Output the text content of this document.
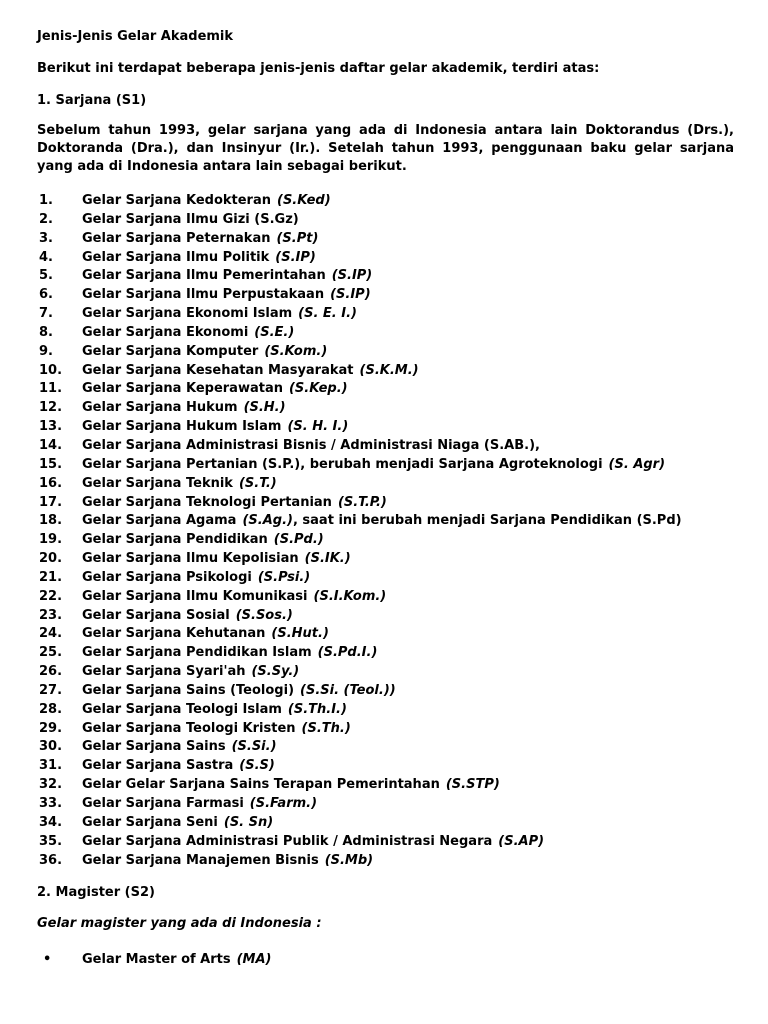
Jenis-Jenis Gelar Akademik

Berikut ini terdapat beberapa jenis-jenis daftar gelar akademik, terdiri atas:

1. Sarjana (S1)

Sebelum tahun 1993, gelar sarjana yang ada di Indonesia antara lain Doktorandus (Drs.), Doktoranda (Dra.), dan Insinyur (Ir.). Setelah tahun 1993, penggunaan baku gelar sarjana yang ada di Indonesia antara lain sebagai berikut.

1.	Gelar Sarjana Kedokteran (S.Ked)
2.	Gelar Sarjana Ilmu Gizi (S.Gz)
3.	Gelar Sarjana Peternakan (S.Pt)
4.	Gelar Sarjana Ilmu Politik (S.IP)
5.	Gelar Sarjana Ilmu Pemerintahan (S.IP)
6.	Gelar Sarjana Ilmu Perpustakaan (S.IP)
7.	Gelar Sarjana Ekonomi Islam (S. E. I.)
8.	Gelar Sarjana Ekonomi (S.E.)
9.	Gelar Sarjana Komputer (S.Kom.)
10.	Gelar Sarjana Kesehatan Masyarakat (S.K.M.)
11.	Gelar Sarjana Keperawatan (S.Kep.)
12.	Gelar Sarjana Hukum (S.H.)
13.	Gelar Sarjana Hukum Islam (S. H. I.)
14.	Gelar Sarjana Administrasi Bisnis / Administrasi Niaga (S.AB.),
15.	Gelar Sarjana Pertanian (S.P.), berubah menjadi Sarjana Agroteknologi (S. Agr)
16.	Gelar Sarjana Teknik (S.T.)
17.	Gelar Sarjana Teknologi Pertanian (S.T.P.)
18.	Gelar Sarjana Agama (S.Ag.) , saat ini berubah menjadi Sarjana Pendidikan (S.Pd)
19.	Gelar Sarjana Pendidikan (S.Pd.)
20.	Gelar Sarjana Ilmu Kepolisian (S.IK.)
21.	Gelar Sarjana Psikologi (S.Psi.)
22.	Gelar Sarjana Ilmu Komunikasi (S.I.Kom.)
23.	Gelar Sarjana Sosial (S.Sos.)
24.	Gelar Sarjana Kehutanan (S.Hut.)
25.	Gelar Sarjana Pendidikan Islam (S.Pd.I.)
26.	Gelar Sarjana Syari'ah (S.Sy.)
27.	Gelar Sarjana Sains (Teologi) (S.Si. (Teol.))
28.	Gelar Sarjana Teologi Islam (S.Th.I.)
29.	Gelar Sarjana Teologi Kristen (S.Th.)
30.	Gelar Sarjana Sains (S.Si.)
31.	Gelar Sarjana Sastra (S.S)
32.	Gelar Gelar Sarjana Sains Terapan Pemerintahan (S.STP)
33.	Gelar Sarjana Farmasi (S.Farm.)
34.	Gelar Sarjana Seni (S. Sn)
35.	Gelar Sarjana Administrasi Publik / Administrasi Negara (S.AP)
36.	Gelar Sarjana Manajemen Bisnis (S.Mb)

2. Magister (S2)

Gelar magister yang ada di Indonesia :

•	Gelar Master of Arts (MA)
